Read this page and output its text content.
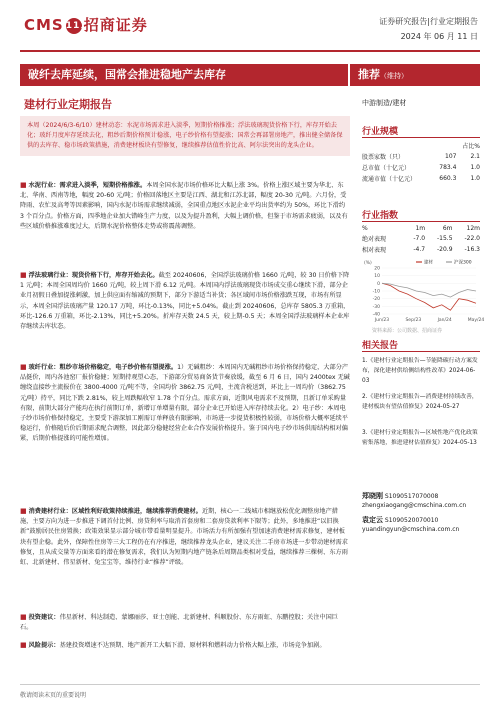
CMS 111招商证券	证券研究报告|行业定期报告
2024 年 06 月 11 日
破纤去库延续，国常会推进稳地产去库存	推荐（维持）
建材行业定期报告	中游制造/建材
本周（2024/6/3-6/10）建材动态：水泥市场需求进入淡季，短期价格推涨；浮法玻璃现货价格下行，库存开始去化；玻纤月度库存延续去化，粗纱后期价格预计稳涨，电子纱价格有望提涨；国常会再部署房地产，推出健全储备保供的去库存、稳市场政策措施，消费建材板块有望修复，继续推荐估值性价比高、阿尔法突出的龙头企业。
■ 水泥行业：需求进入淡季，短期价格推涨。本周全国水泥市场价格环比大幅上涨 3%。价格上涨区域主要为华北、东北、华南、西南等地，幅度 20-60 元/吨；价格回落地区主要是江西、湖北和江苏北部，幅度 20-30 元/吨。六月份，受降雨、农忙及高考等因素影响，国内水泥市场需求继续减弱，全国重点地区水泥企业平均出货率约为 50%，环比下滑约 3 个百分点。价格方面，四季地企业加大错峰生产力度，以及为提升盈利，大幅上调价格，但鉴于市场需求疲弱，以及有些区域价格推涨难度过大，后期水泥价格整体走势或将震荡调整。
■ 浮法玻璃行业：现货价格下行，库存开始去化。截至 20240606，全国浮法玻璃价格 1660 元/吨，较 30 日价格下降 1 元/吨；本周全国周均价 1660 元/吨，较上周下滑 6.12 元/吨。本周国内浮法玻璃现货市场成交重心继续下滑，部分企业月初假日叠加提涨刺激，加上供应面有缩减的预期下，部分下游适当补货；各区域间市场价格涨跌互现，市场有所显示，本周全国浮法玻璃产量 120.17 万吨，环比-0.13%，同比+5.04%。截止到 20240606，总库存 5805.3 万重箱，环比-126.6 万重箱，环比-2.13%，同比+5.20%。折库存天数 24.5 天，较上期-0.5 天；本周全国浮法玻璃样本企业库存继续去库状态。
■ 玻纤行业：粗纱市场价格稳定，电子纱价格有望提涨。1）无碱粗纱：本周国内无碱粗纱市场价格保持稳定，大部分产品挺价，周内各池窑厂报价稳健；短期持观望心态，下游部分贸易商备货节奏放缓，截至 6 月 6 日，国内 2400tex 无碱缠绕直接纱主流报价在 3800-4000 元/吨不等，全国均价 3862.75 元/吨，主流含税送到，环比上一周均价（3862.75 元/吨）持平，同比下跌 2.81%，较上周跌幅收窄 1.78 个百分点。需求方面，近期风电需求不及预期，且新订单采购量有限，前期大部分产能均在执行前期订单，新增订单增量有限，部分企业已开始进入库存持续去化。2）电子纱：本周电子纱市场价格保持稳定，主要受下游深加工刚需订单释放有限影响，市场进一步提货积极性较弱，市场价格大概率延续平稳运行，价格随后价后期需求配合调整，因此部分稳健经营企业合作发展价格提升。鉴于国内电子纱市场供需结构相对偏紧，后期价格提涨的可能性增加。
■ 消费建材行业：区域性利好政策持续推进，继续推荐消费建材。近期，核心一二线城市相继放松优化调整房地产措施，主要方向为进一步推进下调首付比例、房贷利率与取消首套房和二套房贷款利率下限等；此外，多地推进“以旧换新”鼓励居民住房置换；政策效果显示部分城市带看量明显提升。市场活力有所加强有望加速消费建材需求修复，建材板块有望企稳。此外，保障性住房等三大工程仍在有序推进，继续推荐龙头企业，建议关注二手房市场进一步带动建材需求修复，且从成交量等方面来看的潜在修复需求，我们认为短期内地产链条后周期品类相对受益，继续推荐三棵树、东方雨虹、北新建材、伟星新材、兔宝宝等，维持行业“推荐”评级。
■ 投资建议：伟星新材、科达制造、蒙娜丽莎、亚士创能、北新建材、科顺股份、东方雨虹、东鹏控股；关注中国巨石。
■ 风险提示：基建投资增速不达预期、地产新开工大幅下滑、原材料和燃料动力价格大幅上涨，市场竞争加剧。
行业规模
		占比%
股票家数（只）	107	2.1
总市值（十亿元）	783.4	1.0
流通市值（十亿元）	660.3	1.0
行业指数
%	1m	6m	12m
绝对表现	-7.0	-15.5	-22.0
相对表现	-4.7	-20.9	-16.3
(%)
20
10
0
-10
-20
-30
-40
Jun/23	Sep/23	Jan/24	May/24
建材	沪深300
资料来源：公司数据、招商证券
相关报告
1.《建材行业定期报告—节能降碳行动方案发布，深化建材供给侧结构性改革》2024-06-03
2.《建材行业定期报告—消费建材持续改善，建材板块有望估值修复》2024-05-27
3.《建材行业定期报告—区域性地产优化政策密集落地，推进建材估值修复》2024-05-13
郑晓刚 S1090517070008
zhengxiaogang@cmschina.com.cn
袁定云 S1090520070010
yuandingyun@cmschina.com.cn
敬请阅读末页的重要说明
